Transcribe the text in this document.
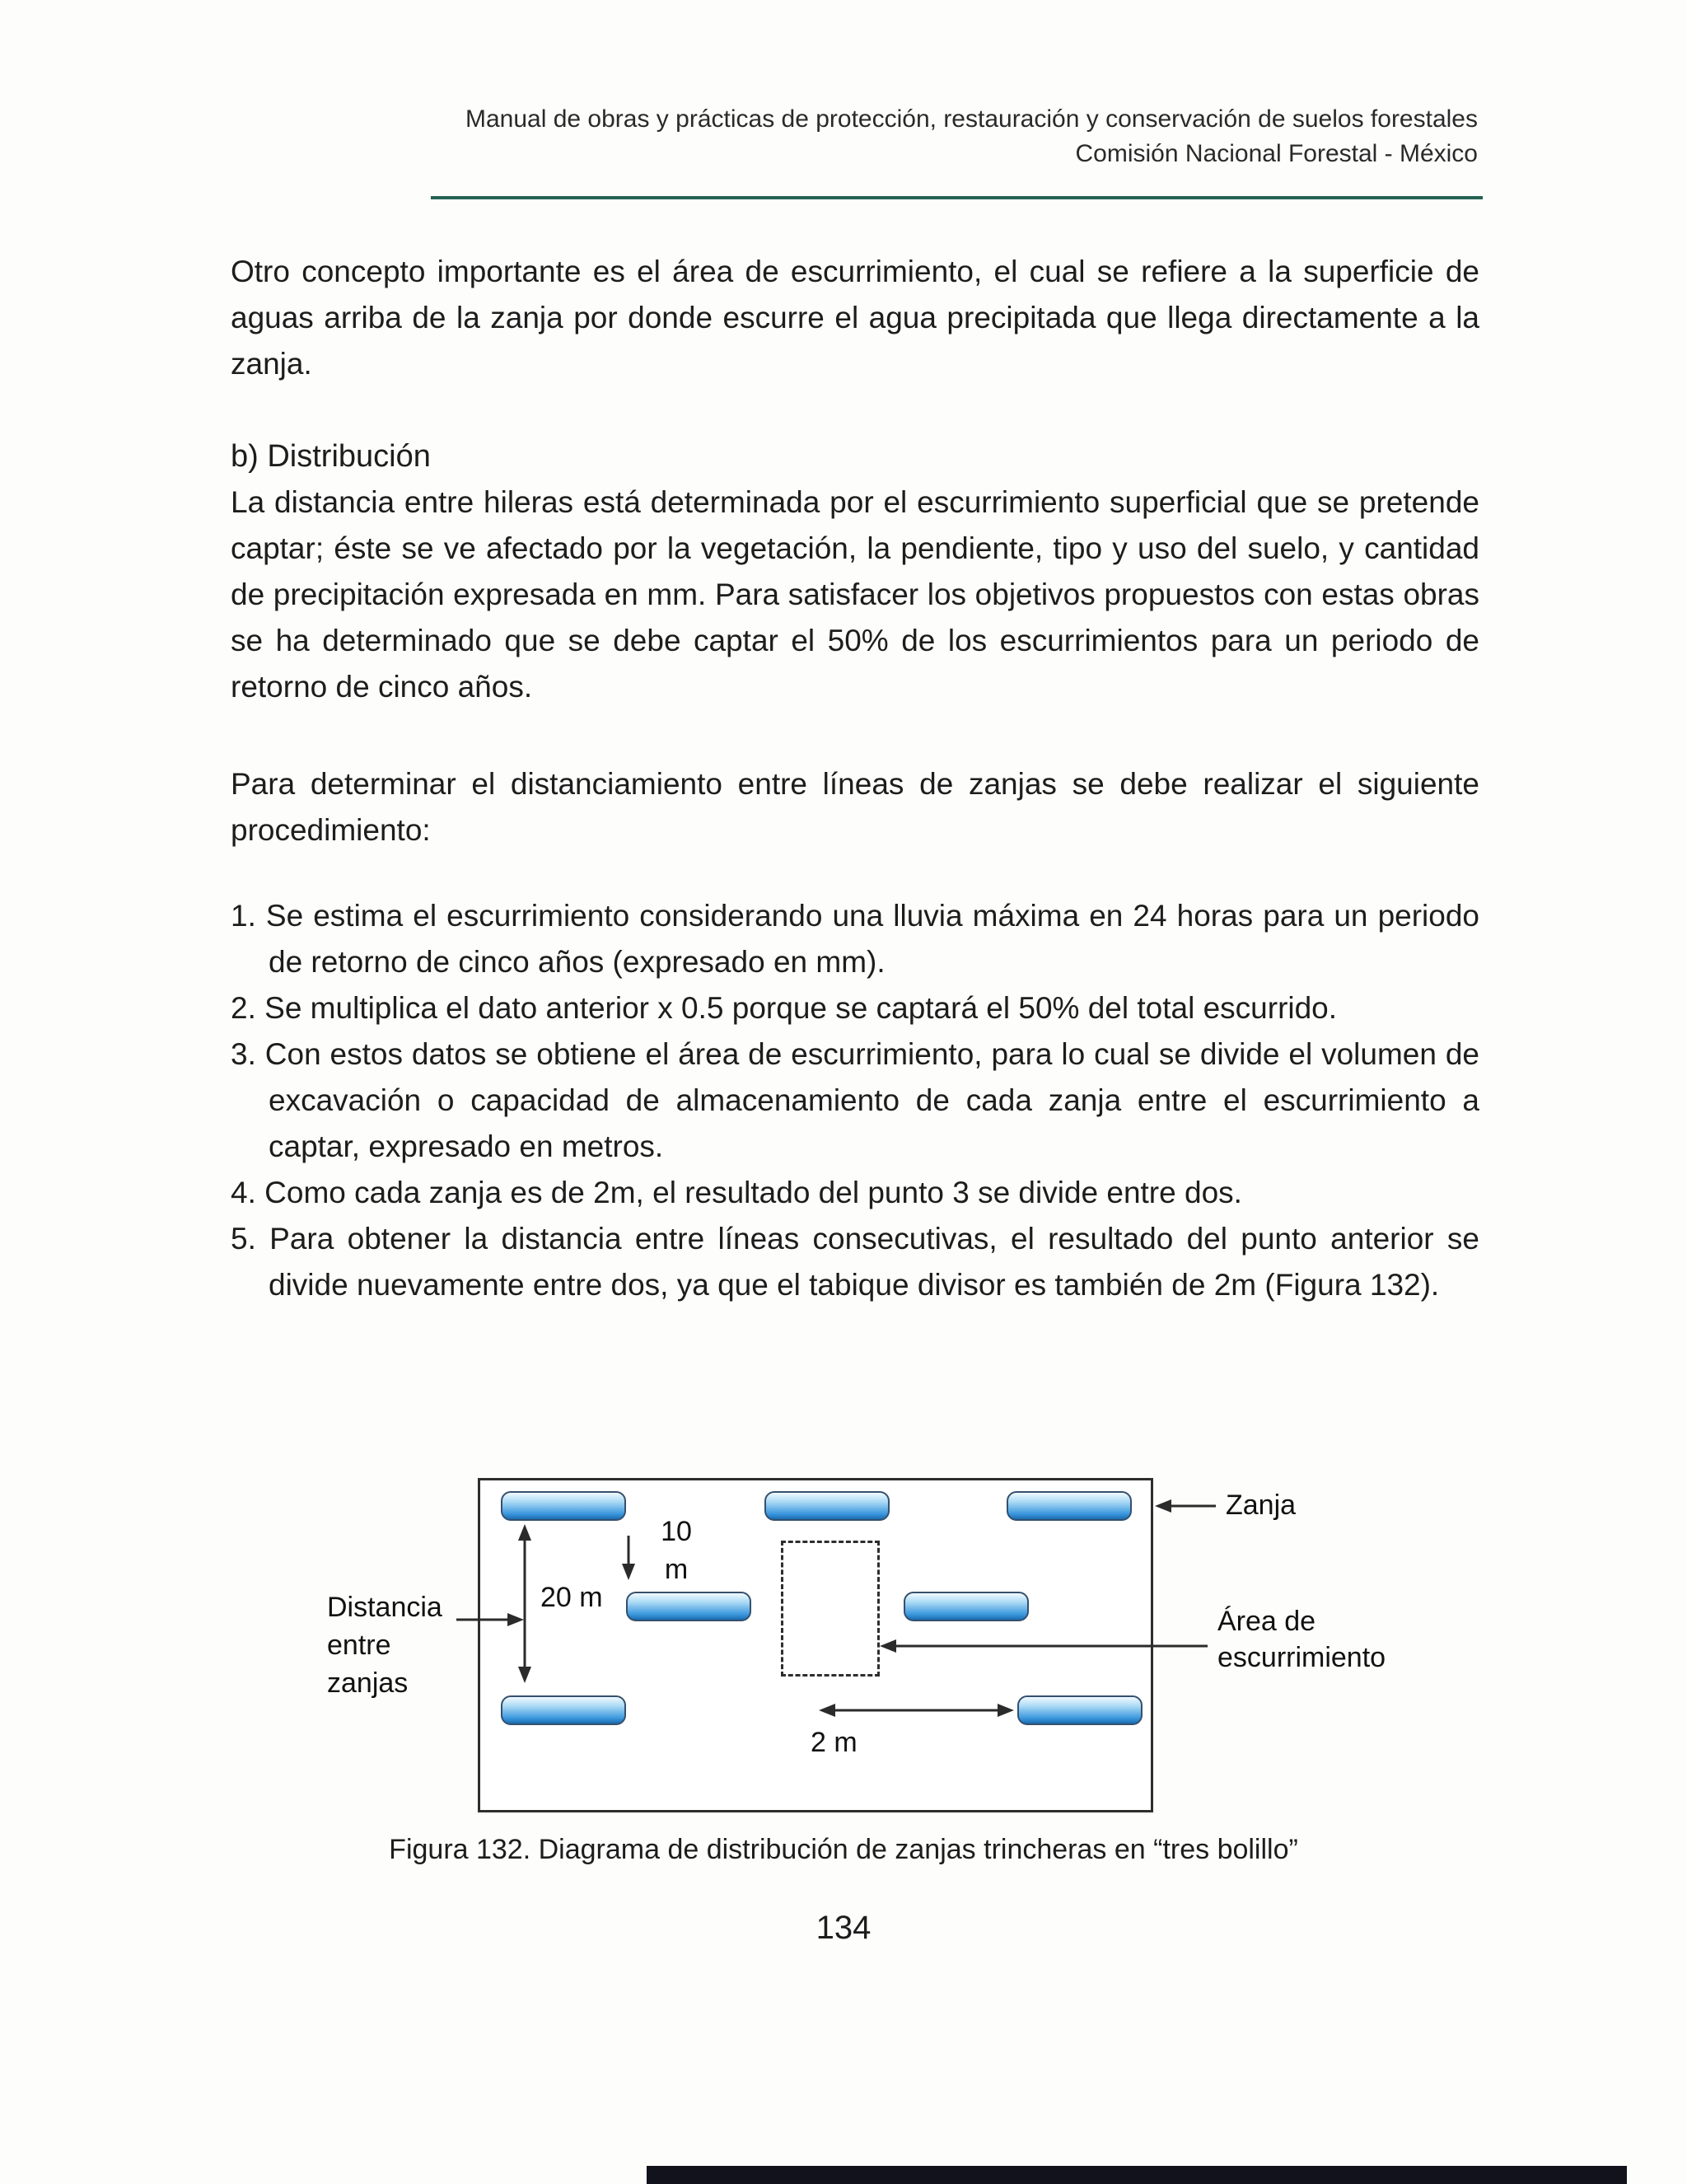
Manual de obras y prácticas de protección, restauración y conservación de suelos forestales
Comisión Nacional Forestal - México

Otro concepto importante es el área de escurrimiento, el cual se refiere a la superficie de aguas arriba de la zanja por donde escurre el agua precipitada que llega directamente a la zanja.

b) Distribución

La distancia entre hileras está determinada por el escurrimiento superficial que se pretende captar; éste se ve afectado por la vegetación, la pendiente, tipo y uso del suelo, y cantidad de precipitación expresada en mm. Para satisfacer los objetivos propuestos con estas obras se ha determinado que se debe captar el 50% de los escurrimientos para un periodo de retorno de cinco años.

Para determinar el distanciamiento entre líneas de zanjas se debe realizar el siguiente procedimiento:

1. Se estima el escurrimiento considerando una lluvia máxima en 24 horas para un periodo de retorno de cinco años (expresado en mm).

2. Se multiplica el dato anterior x 0.5 porque se captará el 50% del total escurrido.

3. Con estos datos se obtiene el área de escurrimiento, para lo cual se divide el volumen de excavación o capacidad de almacenamiento de cada zanja entre el escurrimiento a captar, expresado en metros.

4. Como cada zanja es de 2m, el resultado del punto 3 se divide entre dos.

5. Para obtener la distancia entre líneas consecutivas, el resultado del punto anterior se divide nuevamente entre dos, ya que el tabique divisor es también de 2m (Figura 132).

Zanja
Área de
escurrimiento
Distancia
entre
zanjas
20 m
10
m
2 m
Figura 132. Diagrama de distribución de zanjas trincheras en “tres bolillo”
134
